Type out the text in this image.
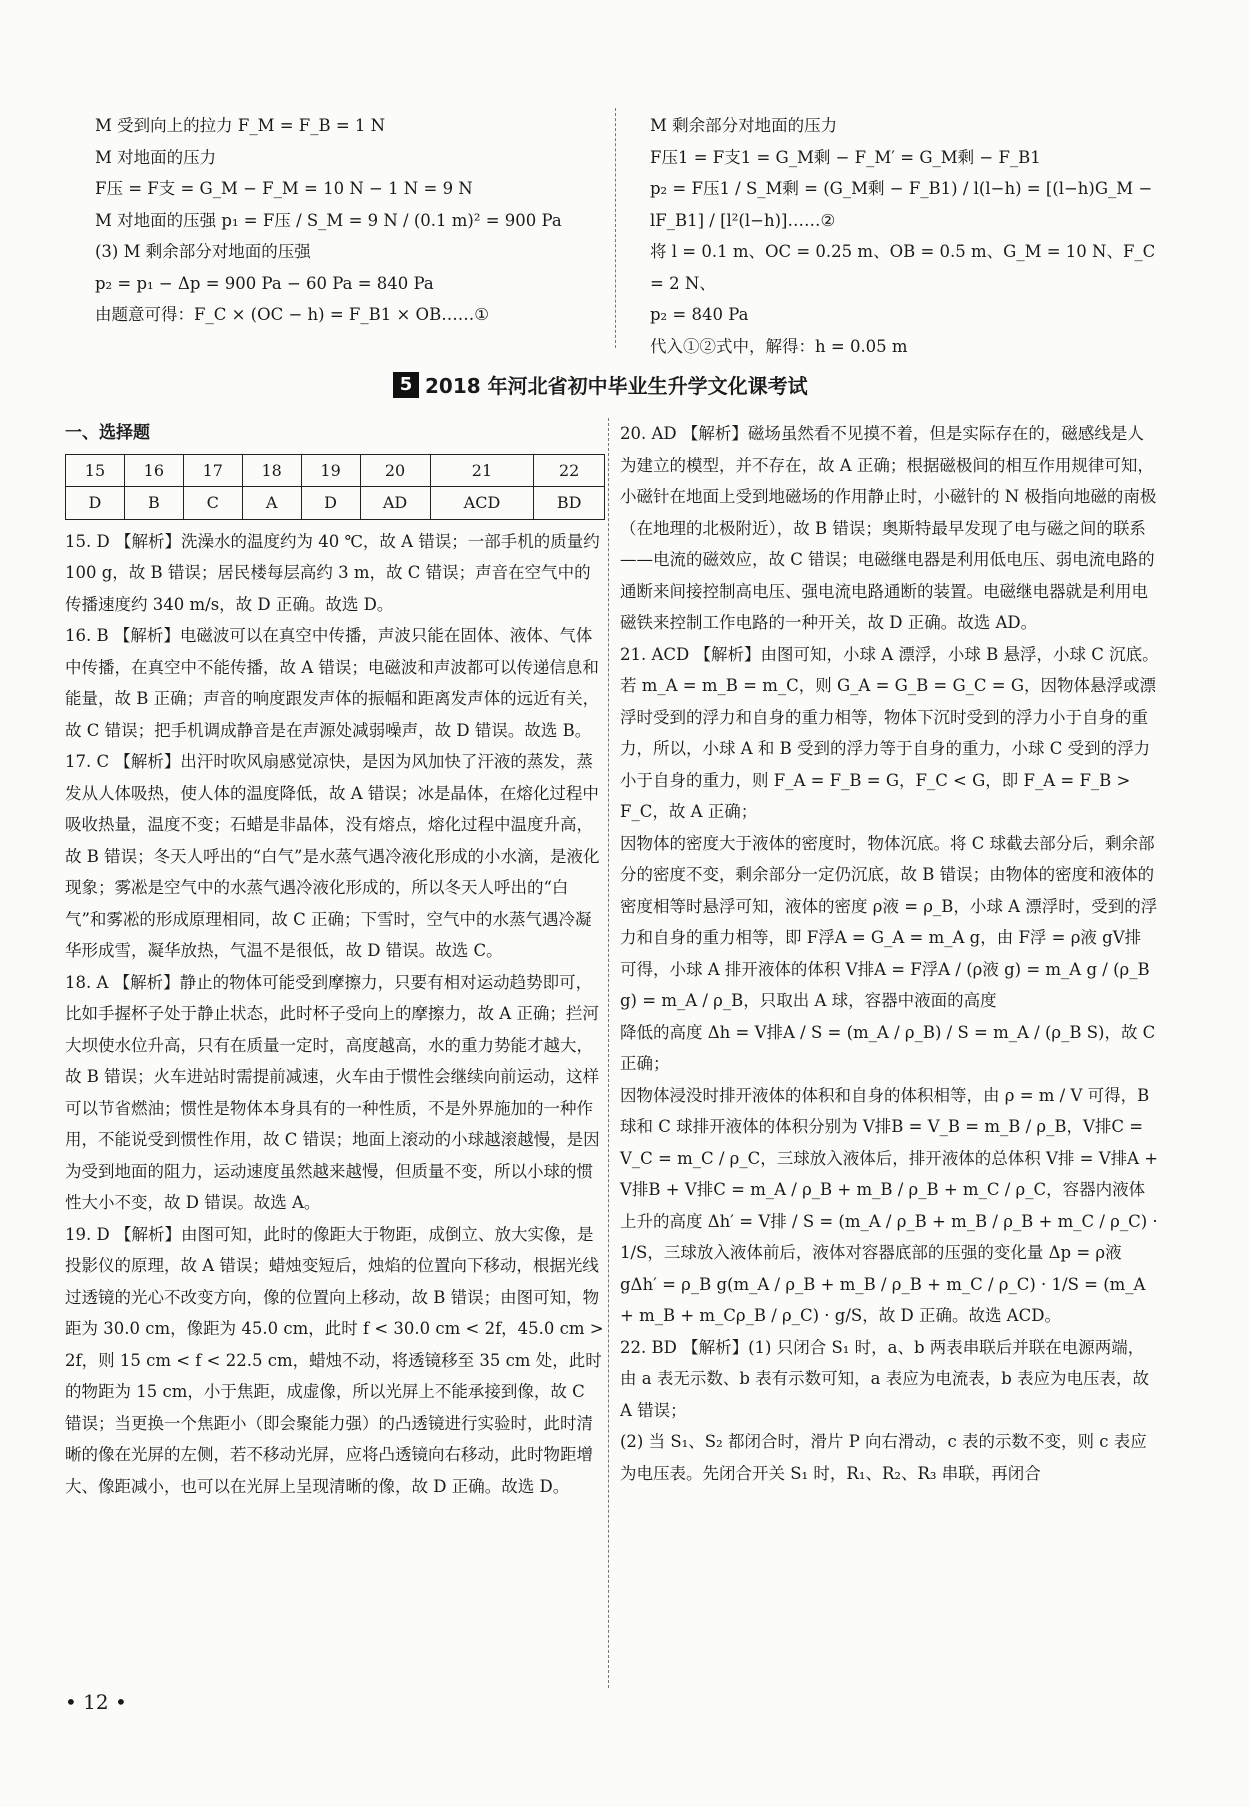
M 受到向上的拉力 F_M = F_B = 1 N

M 对地面的压力

F压 = F支 = G_M − F_M = 10 N − 1 N = 9 N

M 对地面的压强 p₁ = F压 / S_M = 9 N / (0.1 m)² = 900 Pa

(3) M 剩余部分对地面的压强

p₂ = p₁ − Δp = 900 Pa − 60 Pa = 840 Pa

由题意可得：F_C × (OC − h) = F_B1 × OB……①

M 剩余部分对地面的压力

F压1 = F支1 = G_M剩 − F_M′ = G_M剩 − F_B1

p₂ = F压1 / S_M剩 = (G_M剩 − F_B1) / l(l−h) = [(l−h)G_M − lF_B1] / [l²(l−h)]……②

将 l = 0.1 m、OC = 0.25 m、OB = 0.5 m、G_M = 10 N、F_C = 2 N、

p₂ = 840 Pa

代入①②式中，解得：h = 0.05 m

5 2018 年河北省初中毕业生升学文化课考试

一、选择题

15	16	17	18	19	20	21	22
D	B	C	A	D	AD	ACD	BD

15. D 【解析】洗澡水的温度约为 40 ℃，故 A 错误；一部手机的质量约 100 g，故 B 错误；居民楼每层高约 3 m，故 C 错误；声音在空气中的传播速度约 340 m/s，故 D 正确。故选 D。

16. B 【解析】电磁波可以在真空中传播，声波只能在固体、液体、气体中传播，在真空中不能传播，故 A 错误；电磁波和声波都可以传递信息和能量，故 B 正确；声音的响度跟发声体的振幅和距离发声体的远近有关，故 C 错误；把手机调成静音是在声源处减弱噪声，故 D 错误。故选 B。

17. C 【解析】出汗时吹风扇感觉凉快，是因为风加快了汗液的蒸发，蒸发从人体吸热，使人体的温度降低，故 A 错误；冰是晶体，在熔化过程中吸收热量，温度不变；石蜡是非晶体，没有熔点，熔化过程中温度升高，故 B 错误；冬天人呼出的“白气”是水蒸气遇冷液化形成的小水滴，是液化现象；雾凇是空气中的水蒸气遇冷液化形成的，所以冬天人呼出的“白气”和雾凇的形成原理相同，故 C 正确；下雪时，空气中的水蒸气遇冷凝华形成雪，凝华放热，气温不是很低，故 D 错误。故选 C。

18. A 【解析】静止的物体可能受到摩擦力，只要有相对运动趋势即可，比如手握杯子处于静止状态，此时杯子受向上的摩擦力，故 A 正确；拦河大坝使水位升高，只有在质量一定时，高度越高，水的重力势能才越大，故 B 错误；火车进站时需提前减速，火车由于惯性会继续向前运动，这样可以节省燃油；惯性是物体本身具有的一种性质，不是外界施加的一种作用，不能说受到惯性作用，故 C 错误；地面上滚动的小球越滚越慢，是因为受到地面的阻力，运动速度虽然越来越慢，但质量不变，所以小球的惯性大小不变，故 D 错误。故选 A。

19. D 【解析】由图可知，此时的像距大于物距，成倒立、放大实像，是投影仪的原理，故 A 错误；蜡烛变短后，烛焰的位置向下移动，根据光线过透镜的光心不改变方向，像的位置向上移动，故 B 错误；由图可知，物距为 30.0 cm，像距为 45.0 cm，此时 f < 30.0 cm < 2f，45.0 cm > 2f，则 15 cm < f < 22.5 cm，蜡烛不动，将透镜移至 35 cm 处，此时的物距为 15 cm，小于焦距，成虚像，所以光屏上不能承接到像，故 C 错误；当更换一个焦距小（即会聚能力强）的凸透镜进行实验时，此时清晰的像在光屏的左侧，若不移动光屏，应将凸透镜向右移动，此时物距增大、像距减小，也可以在光屏上呈现清晰的像，故 D 正确。故选 D。

20. AD 【解析】磁场虽然看不见摸不着，但是实际存在的，磁感线是人为建立的模型，并不存在，故 A 正确；根据磁极间的相互作用规律可知，小磁针在地面上受到地磁场的作用静止时，小磁针的 N 极指向地磁的南极（在地理的北极附近），故 B 错误；奥斯特最早发现了电与磁之间的联系——电流的磁效应，故 C 错误；电磁继电器是利用低电压、弱电流电路的通断来间接控制高电压、强电流电路通断的装置。电磁继电器就是利用电磁铁来控制工作电路的一种开关，故 D 正确。故选 AD。

21. ACD 【解析】由图可知，小球 A 漂浮，小球 B 悬浮，小球 C 沉底。若 m_A = m_B = m_C，则 G_A = G_B = G_C = G，因物体悬浮或漂浮时受到的浮力和自身的重力相等，物体下沉时受到的浮力小于自身的重力，所以，小球 A 和 B 受到的浮力等于自身的重力，小球 C 受到的浮力小于自身的重力，则 F_A = F_B = G，F_C < G，即 F_A = F_B > F_C，故 A 正确；

因物体的密度大于液体的密度时，物体沉底。将 C 球截去部分后，剩余部分的密度不变，剩余部分一定仍沉底，故 B 错误；由物体的密度和液体的密度相等时悬浮可知，液体的密度 ρ液 = ρ_B，小球 A 漂浮时，受到的浮力和自身的重力相等，即 F浮A = G_A = m_A g，由 F浮 = ρ液 gV排 可得，小球 A 排开液体的体积 V排A = F浮A / (ρ液 g) = m_A g / (ρ_B g) = m_A / ρ_B，只取出 A 球，容器中液面的高度

降低的高度 Δh = V排A / S = (m_A / ρ_B) / S = m_A / (ρ_B S)，故 C 正确；

因物体浸没时排开液体的体积和自身的体积相等，由 ρ = m / V 可得，B 球和 C 球排开液体的体积分别为 V排B = V_B = m_B / ρ_B，V排C = V_C = m_C / ρ_C，三球放入液体后，排开液体的总体积 V排 = V排A + V排B + V排C = m_A / ρ_B + m_B / ρ_B + m_C / ρ_C，容器内液体上升的高度 Δh′ = V排 / S = (m_A / ρ_B + m_B / ρ_B + m_C / ρ_C) · 1/S，三球放入液体前后，液体对容器底部的压强的变化量 Δp = ρ液 gΔh′ = ρ_B g(m_A / ρ_B + m_B / ρ_B + m_C / ρ_C) · 1/S = (m_A + m_B + m_Cρ_B / ρ_C) · g/S，故 D 正确。故选 ACD。

22. BD 【解析】(1) 只闭合 S₁ 时，a、b 两表串联后并联在电源两端，由 a 表无示数、b 表有示数可知，a 表应为电流表，b 表应为电压表，故 A 错误；

(2) 当 S₁、S₂ 都闭合时，滑片 P 向右滑动，c 表的示数不变，则 c 表应为电压表。先闭合开关 S₁ 时，R₁、R₂、R₃ 串联，再闭合

• 12 •
